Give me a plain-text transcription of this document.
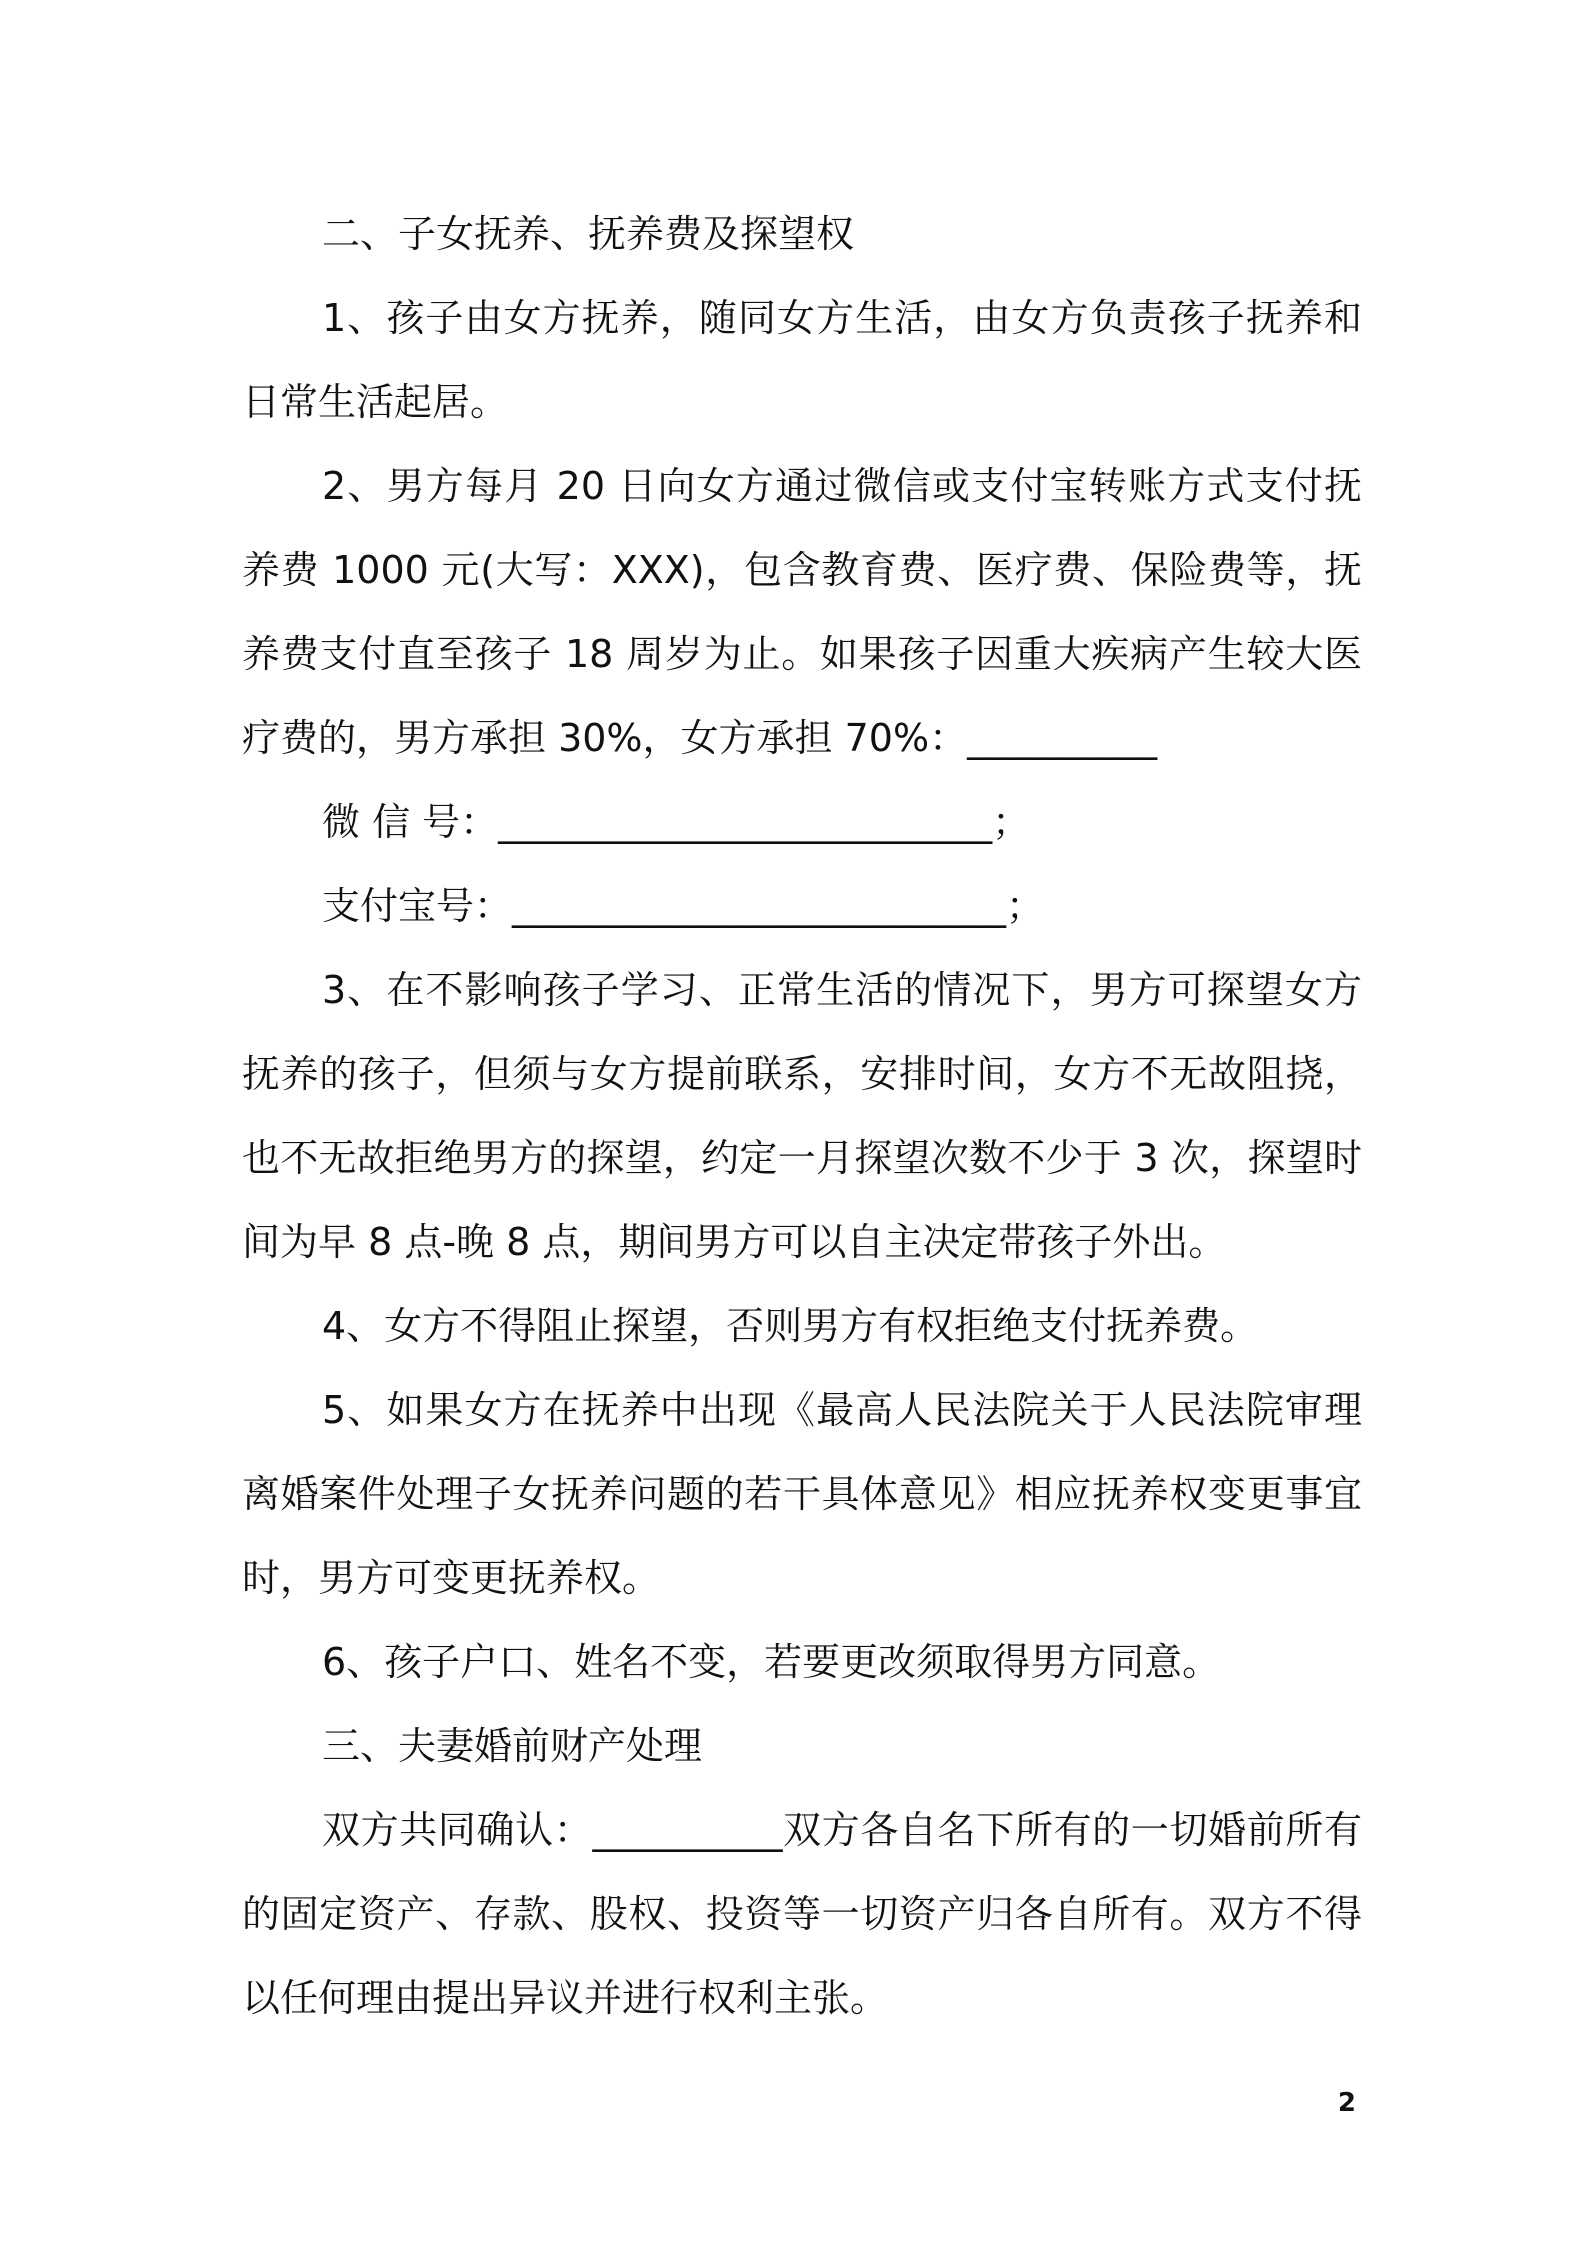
二、子女抚养、抚养费及探望权

1、孩子由女方抚养，随同女方生活，由女方负责孩子抚养和日常生活起居。

2、男方每月 20 日向女方通过微信或支付宝转账方式支付抚养费 1000 元(大写：XXX)，包含教育费、医疗费、保险费等，抚养费支付直至孩子 18 周岁为止。如果孩子因重大疾病产生较大医疗费的，男方承担 30%，女方承担 70%：__________

微 信 号：__________________________；

支付宝号：__________________________；

3、在不影响孩子学习、正常生活的情况下，男方可探望女方抚养的孩子，但须与女方提前联系，安排时间，女方不无故阻挠，也不无故拒绝男方的探望，约定一月探望次数不少于 3 次，探望时间为早 8 点-晚 8 点，期间男方可以自主决定带孩子外出。

4、女方不得阻止探望，否则男方有权拒绝支付抚养费。

5、如果女方在抚养中出现《最高人民法院关于人民法院审理离婚案件处理子女抚养问题的若干具体意见》相应抚养权变更事宜时，男方可变更抚养权。

6、孩子户口、姓名不变，若要更改须取得男方同意。

三、夫妻婚前财产处理

双方共同确认：__________双方各自名下所有的一切婚前所有的固定资产、存款、股权、投资等一切资产归各自所有。双方不得以任何理由提出异议并进行权利主张。

2
